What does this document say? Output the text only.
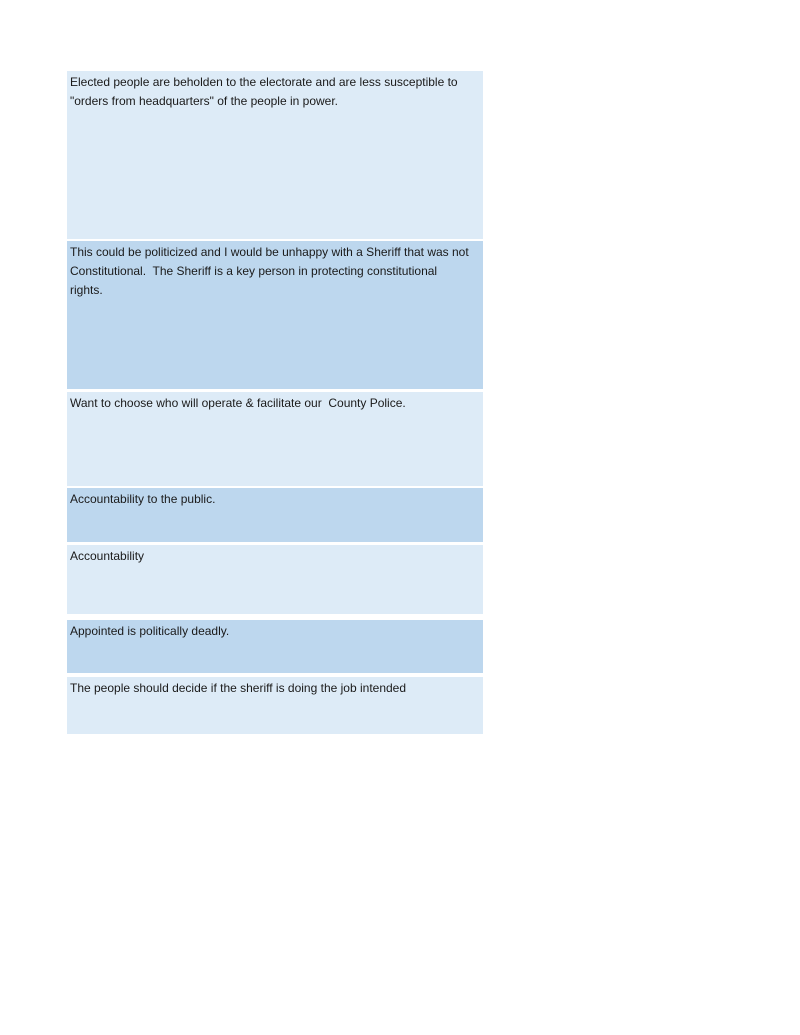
Elected people are beholden to the electorate and are less susceptible to "orders from headquarters" of the people in power.
This could be politicized and I would be unhappy with a Sheriff that was not Constitutional.  The Sheriff is a key person in protecting constitutional rights.
Want to choose who will operate & facilitate our  County Police.
Accountability to the public.
Accountability
Appointed is politically deadly.
The people should decide if the sheriff is doing the job intended
